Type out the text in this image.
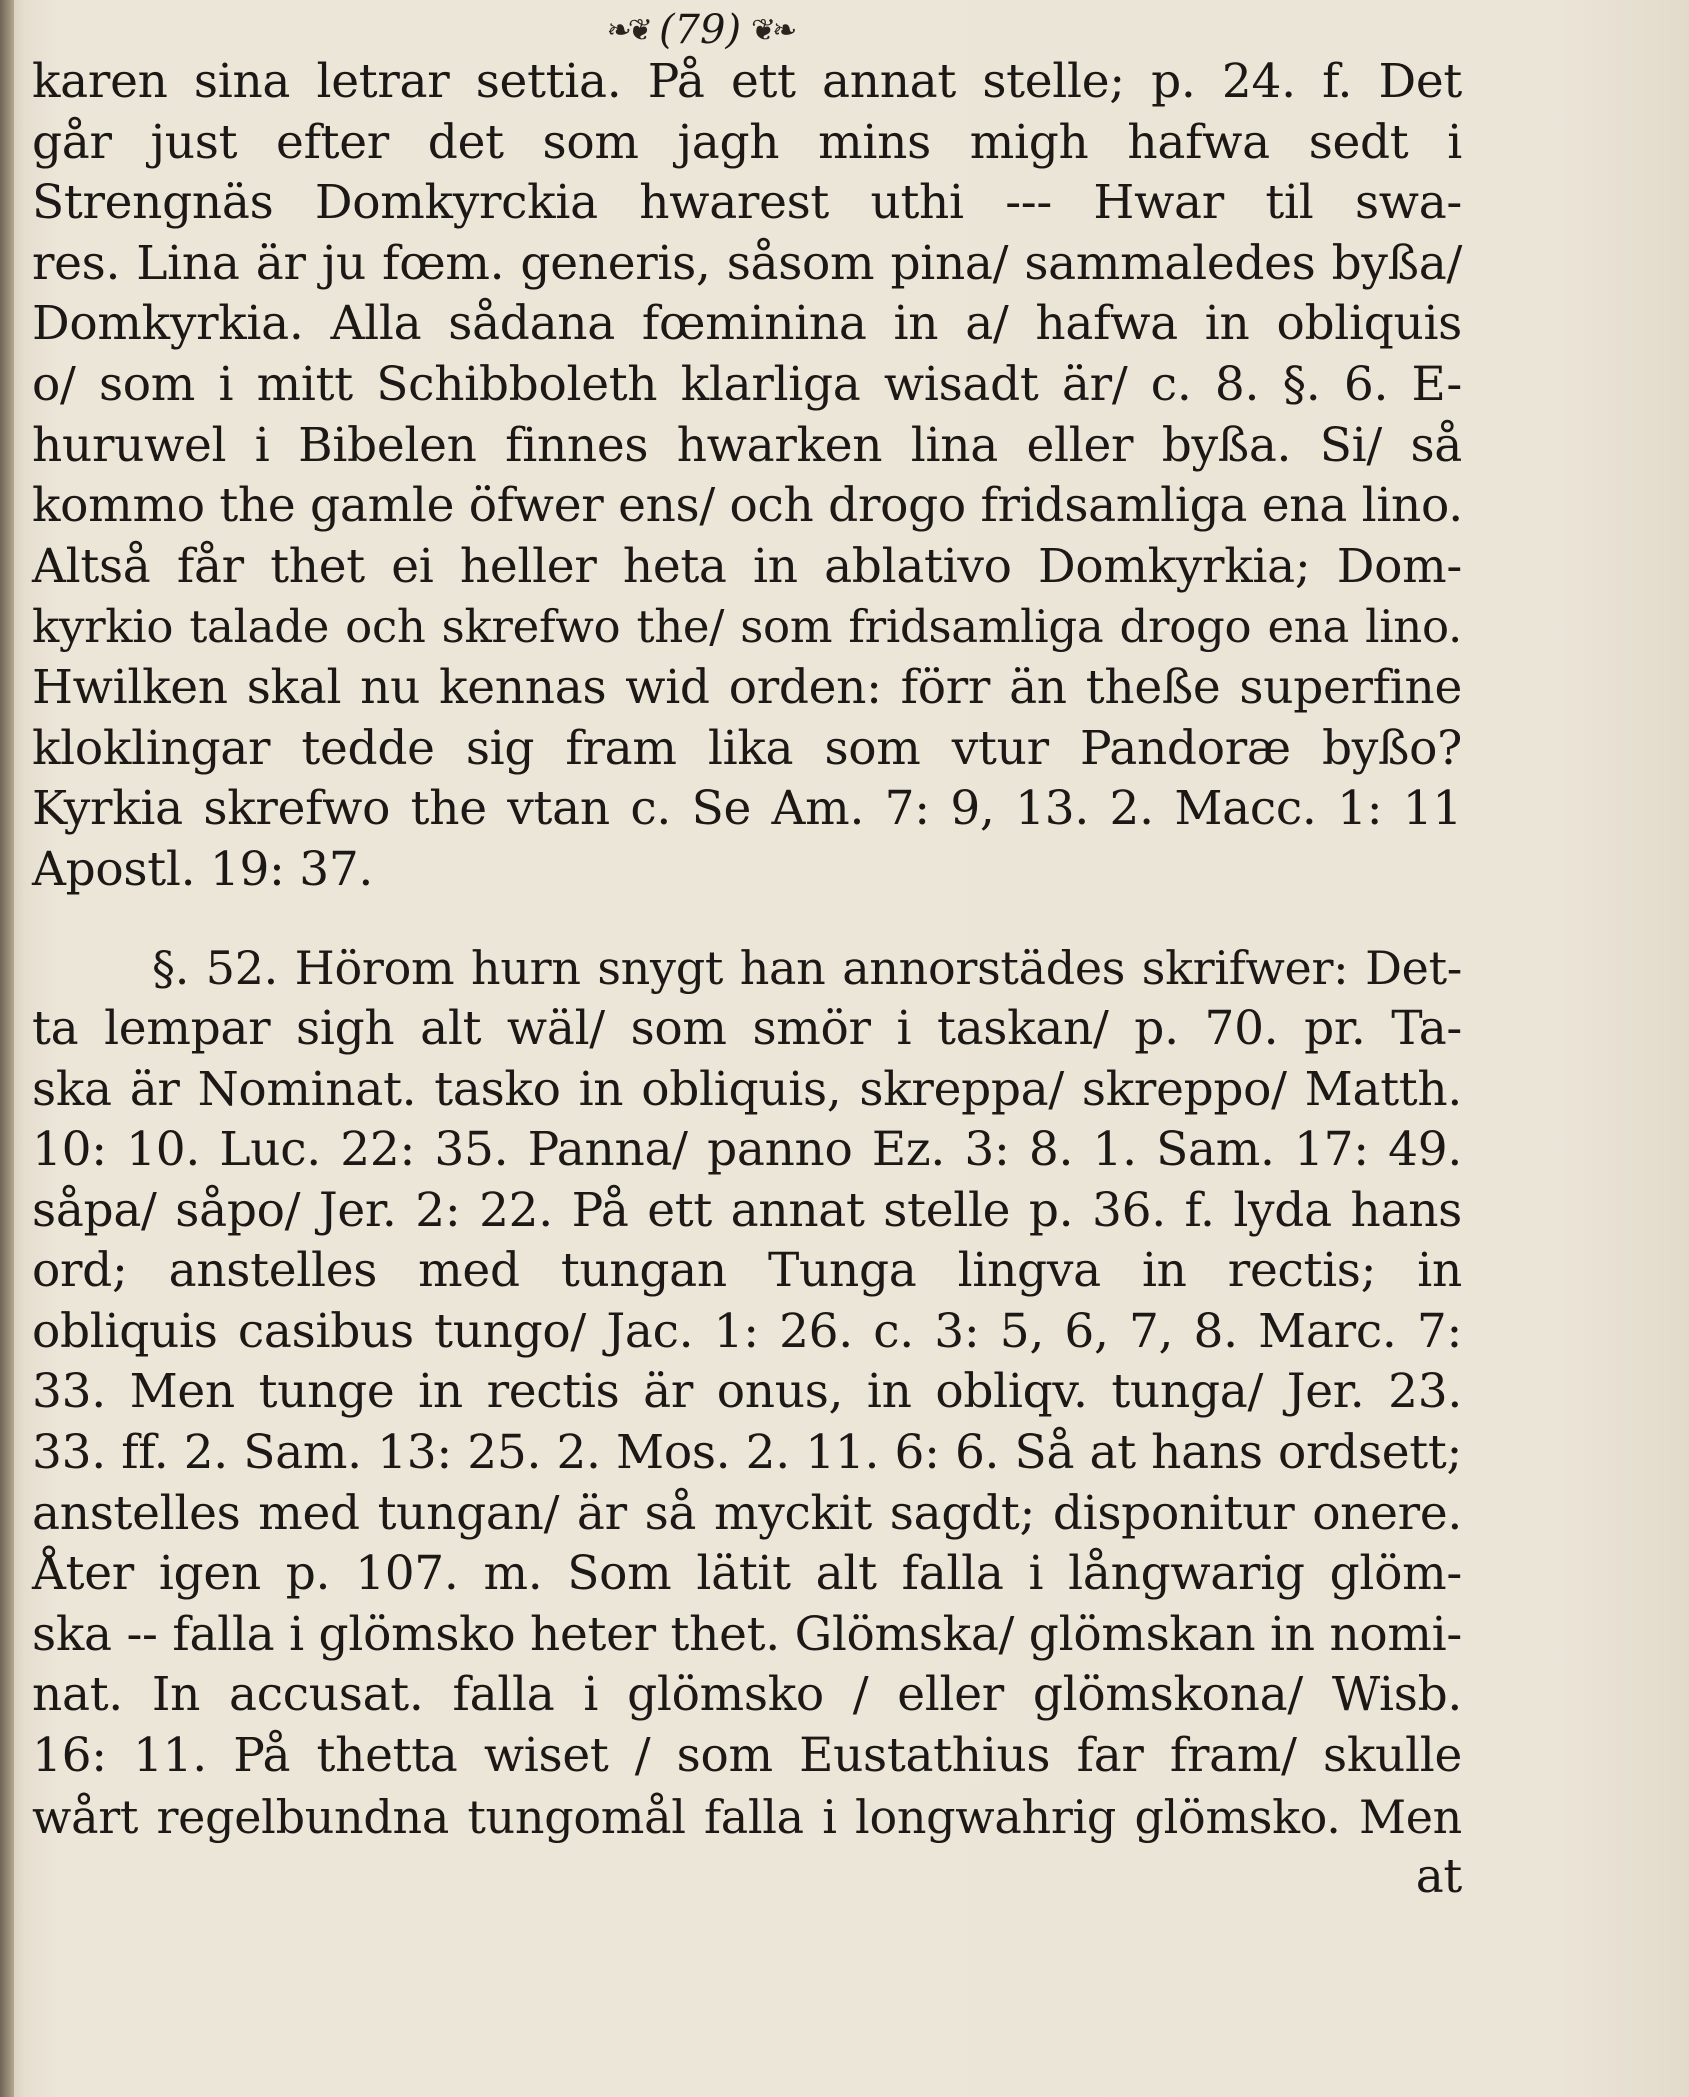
❧❦ (79) ❦❧
karen sina letrar settia. På ett annat stelle; p. 24. f. Det
går just efter det som jagh mins migh hafwa sedt i
Strengnäs Domkyrckia hwarest uthi --- Hwar til swa-
res. Lina är ju fœm. generis, såsom pina/ sammaledes byßa/
Domkyrkia. Alla sådana fœminina in a/ hafwa in obliquis
o/ som i mitt Schibboleth klarliga wisadt är/ c. 8. §. 6. E-
huruwel i Bibelen finnes hwarken lina eller byßa. Si/ så
kommo the gamle öfwer ens/ och drogo fridsamliga ena lino.
Altså får thet ei heller heta in ablativo Domkyrkia; Dom-
kyrkio talade och skrefwo the/ som fridsamliga drogo ena lino.
Hwilken skal nu kennas wid orden: förr än theße superfine
kloklingar tedde sig fram lika som vtur Pandoræ byßo?
Kyrkia skrefwo the vtan c. Se Am. 7: 9, 13. 2. Macc. 1: 11
Apostl. 19: 37.
§. 52. Hörom hurn snygt han annorstädes skrifwer: Det-
ta lempar sigh alt wäl/ som smör i taskan/ p. 70. pr. Ta-
ska är Nominat. tasko in obliquis, skreppa/ skreppo/ Matth.
10: 10. Luc. 22: 35. Panna/ panno Ez. 3: 8. 1. Sam. 17: 49.
såpa/ såpo/ Jer. 2: 22. På ett annat stelle p. 36. f. lyda hans
ord; anstelles med tungan Tunga lingva in rectis; in
obliquis casibus tungo/ Jac. 1: 26. c. 3: 5, 6, 7, 8. Marc. 7:
33. Men tunge in rectis är onus, in obliqv. tunga/ Jer. 23.
33. ff. 2. Sam. 13: 25. 2. Mos. 2. 11. 6: 6. Så at hans ordsett;
anstelles med tungan/ är så myckit sagdt; disponitur onere.
Åter igen p. 107. m. Som lätit alt falla i långwarig glöm-
ska -- falla i glömsko heter thet. Glömska/ glömskan in nomi-
nat. In accusat. falla i glömsko / eller glömskona/ Wisb.
16: 11. På thetta wiset / som Eustathius far fram/ skulle
wårt regelbundna tungomål falla i longwahrig glömsko. Men
at
